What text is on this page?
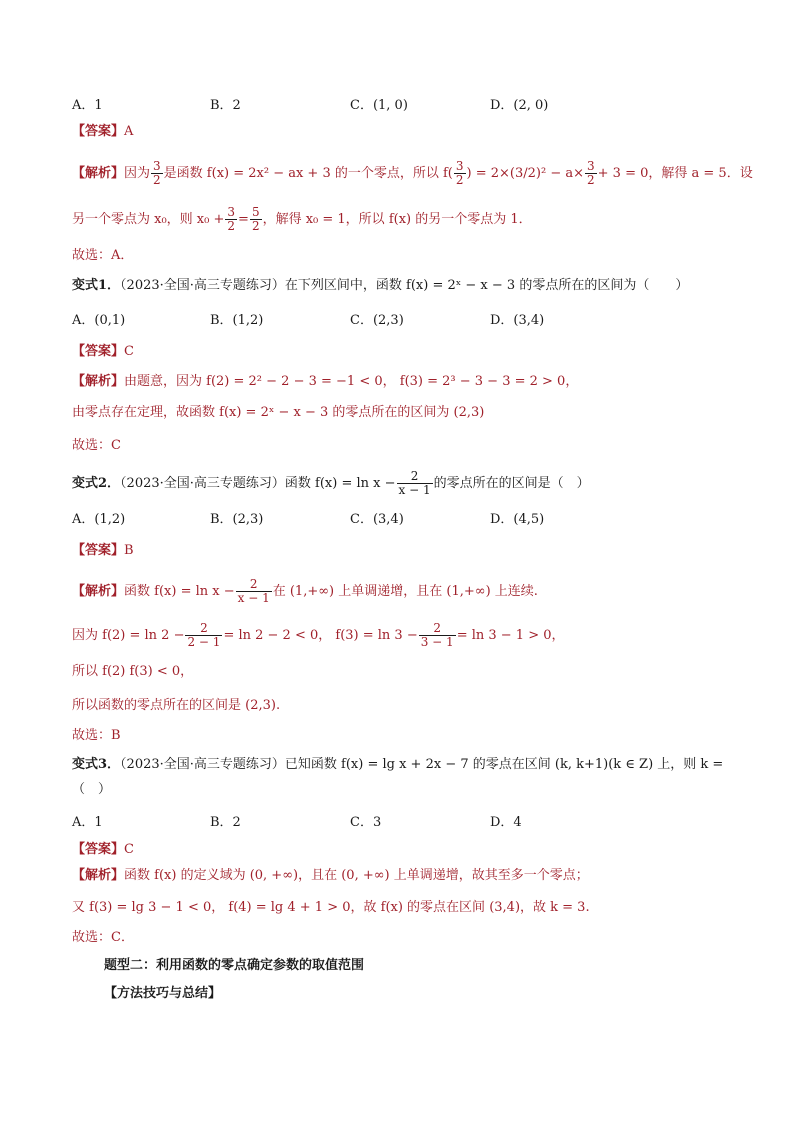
A．1	B．2	C．(1, 0)	D．(2, 0)
【答案】A
【解析】因为 $\frac{3}{2}$ 是函数 f(x) = 2x² − ax + 3 的一个零点，所以 $f( \frac{3}{2}$ ) = $2\times(3/2)^2 - a\times \frac{3}{2} + 3 = 0$，解得 a = 5．设
另一个零点为 x₀，则 $x_0 + \frac{3}{2} = \frac{5}{2}$ ，解得 x₀ = 1，所以 f(x) 的另一个零点为 1．
故选：A．
变式1．（2023·全国·高三专题练习）在下列区间中，函数 f(x) = 2ˣ − x − 3 的零点所在的区间为（　　）
A．(0,1)	B．(1,2)	C．(2,3)	D．(3,4)
【答案】C
【解析】由题意，因为 f(2) = 2² − 2 − 3 = −1 < 0， f(3) = 2³ − 3 − 3 = 2 > 0，
由零点存在定理，故函数 f(x) = 2ˣ − x − 3 的零点所在的区间为 (2,3)
故选：C
变式2．（2023·全国·高三专题练习）函数 $f(x) = \ln x - \frac{2}{x - 1}$ 的零点所在的区间是（　）
A．(1,2)	B．(2,3)	C．(3,4)	D．(4,5)
【答案】B
【解析】函数 $f(x) = \ln x - \frac{2}{x - 1}$ 在 (1,+∞) 上单调递增，且在 (1,+∞) 上连续.
因为 $f(2) = \ln 2 - \frac{2}{2 - 1} = \ln 2 - 2 < 0$， $f(3) = \ln 3 - \frac{2}{3 - 1} = \ln 3 - 1 > 0$，
所以 f(2) f(3) < 0，
所以函数的零点所在的区间是 (2,3).
故选：B
变式3．（2023·全国·高三专题练习）已知函数 f(x) = lg x + 2x − 7 的零点在区间 (k, k+1)(k ∈ Z) 上，则 k =
（　）
A．1	B．2	C．3	D．4
【答案】C
【解析】函数 f(x) 的定义域为 (0, +∞)，且在 (0, +∞) 上单调递增，故其至多一个零点；
又 f(3) = lg 3 − 1 < 0， f(4) = lg 4 + 1 > 0，故 f(x) 的零点在区间 (3,4)，故 k = 3.
故选：C．
题型二：利用函数的零点确定参数的取值范围
【方法技巧与总结】
